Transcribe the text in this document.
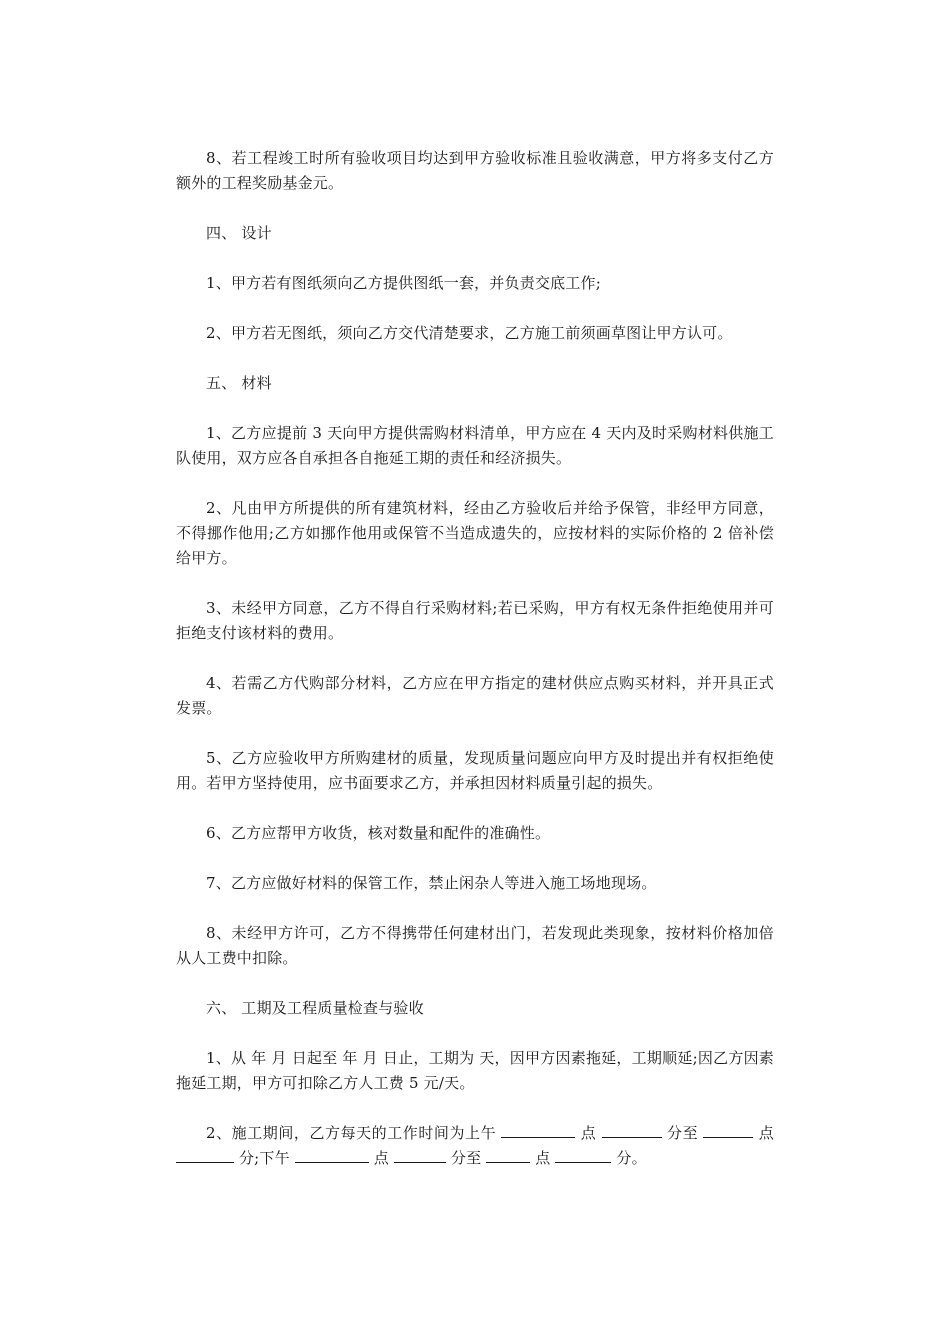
8、若工程竣工时所有验收项目均达到甲方验收标准且验收满意，甲方将多支付乙方额外的工程奖励基金元。

四、 设计

1、甲方若有图纸须向乙方提供图纸一套，并负责交底工作;

2、甲方若无图纸，须向乙方交代清楚要求，乙方施工前须画草图让甲方认可。

五、 材料

1、乙方应提前 3 天向甲方提供需购材料清单，甲方应在 4 天内及时采购材料供施工队使用，双方应各自承担各自拖延工期的责任和经济损失。

2、凡由甲方所提供的所有建筑材料，经由乙方验收后并给予保管，非经甲方同意，不得挪作他用;乙方如挪作他用或保管不当造成遗失的，应按材料的实际价格的 2 倍补偿给甲方。

3、未经甲方同意，乙方不得自行采购材料;若已采购，甲方有权无条件拒绝使用并可拒绝支付该材料的费用。

4、若需乙方代购部分材料，乙方应在甲方指定的建材供应点购买材料，并开具正式发票。

5、乙方应验收甲方所购建材的质量，发现质量问题应向甲方及时提出并有权拒绝使用。若甲方坚持使用，应书面要求乙方，并承担因材料质量引起的损失。

6、乙方应帮甲方收货，核对数量和配件的准确性。

7、乙方应做好材料的保管工作，禁止闲杂人等进入施工场地现场。

8、未经甲方许可，乙方不得携带任何建材出门，若发现此类现象，按材料价格加倍从人工费中扣除。

六、 工期及工程质量检查与验收

1、从 年 月 日起至 年 月 日止，工期为 天，因甲方因素拖延，工期顺延;因乙方因素拖延工期，甲方可扣除乙方人工费 5 元/天。

2、施工期间，乙方每天的工作时间为上午	点	分至	点  分;下午	点	分至	点	分。
